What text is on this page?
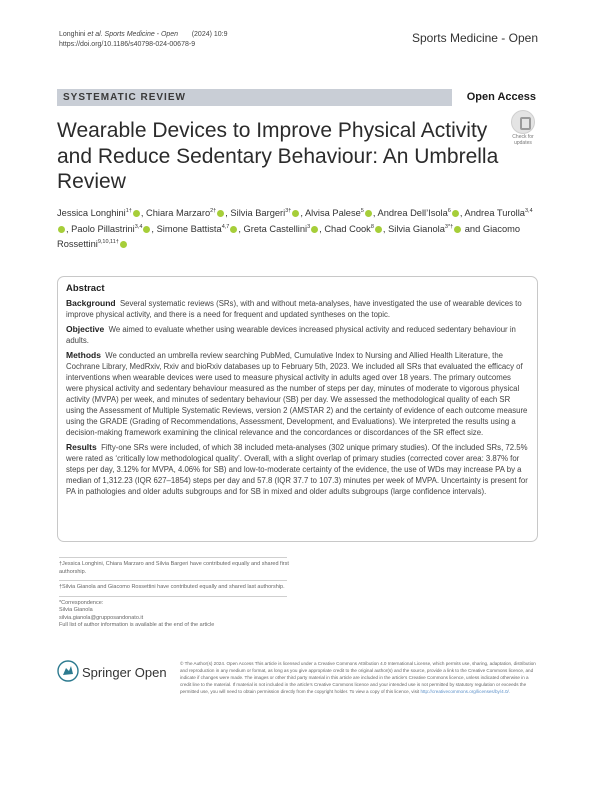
Longhini et al. Sports Medicine - Open (2024) 10:9
https://doi.org/10.1186/s40798-024-00678-9	Sports Medicine - Open
SYSTEMATIC REVIEW	Open Access
Check for
updates
Wearable Devices to Improve Physical Activity and Reduce Sedentary Behaviour: An Umbrella Review
Jessica Longhini$^{1\dagger}$ , Chiara Marzaro$^{2\dagger}$ , Silvia Bargeri$^{3\dagger}$ , Alvisa Palese$^5$ , Andrea Dell’Isola$^6$ , Andrea Turolla$^{3,4}$, Paolo Pillastrini$^{3,4}$ , Simone Battista$^{4,7}$ , Greta Castellini$^3$ , Chad Cook$^8$ , Silvia Gianola$^{3*\dagger}$ and Giacomo Rossettini$^{9,10,11\dagger}$
Abstract

Background Several systematic reviews (SRs), with and without meta-analyses, have investigated the use of wearable devices to improve physical activity, and there is a need for frequent and updated syntheses on the topic.

Objective We aimed to evaluate whether using wearable devices increased physical activity and reduced sedentary behaviour in adults.

Methods We conducted an umbrella review searching PubMed, Cumulative Index to Nursing and Allied Health Literature, the Cochrane Library, MedRxiv, Rxiv and bioRxiv databases up to February 5th, 2023. We included all SRs that evaluated the efficacy of interventions when wearable devices were used to measure physical activity in adults aged over 18 years. The primary outcomes were physical activity and sedentary behaviour measured as the number of steps per day, minutes of moderate to vigorous physical activity (MVPA) per week, and minutes of sedentary behaviour (SB) per day. We assessed the methodological quality of each SR using the Assessment of Multiple Systematic Reviews, version 2 (AMSTAR 2) and the certainty of evidence of each outcome measure using the GRADE (Grading of Recommendations, Assessment, Development, and Evaluations). We interpreted the results using a decision-making framework examining the clinical relevance and the concordances or discordances of the SR effect size.

Results Fifty-one SRs were included, of which 38 included meta-analyses (302 unique primary studies). Of the included SRs, 72.5% were rated as ‘critically low methodological quality’. Overall, with a slight overlap of primary studies (corrected cover area: 3.87% for steps per day, 3.12% for MVPA, 4.06% for SB) and low-to-moderate certainty of the evidence, the use of WDs may increase PA by a median of 1,312.23 (IQR 627–1854) steps per day and 57.8 (IQR 37.7 to 107.3) minutes per week of MVPA. Uncertainty is present for PA in pathologies and older adults subgroups and for SB in mixed and older adults subgroups (large confidence intervals).

†Jessica Longhini, Chiara Marzaro and Silvia Bargeri have contributed equally and shared first authorship.

†Silvia Gianola and Giacomo Rossettini have contributed equally and shared last authorship.

*Correspondence:
Silvia Gianola
silvia.gianola@grupposandonato.it
Full list of author information is available at the end of the article
Springer Open
© The Author(s) 2024. Open Access This article is licensed under a Creative Commons Attribution 4.0 International License, which permits use, sharing, adaptation, distribution and reproduction in any medium or format, as long as you give appropriate credit to the original author(s) and the source, provide a link to the Creative Commons licence, and indicate if changes were made. The images or other third party material in this article are included in the article’s Creative Commons licence, unless indicated otherwise in a credit line to the material. If material is not included in the article’s Creative Commons licence and your intended use is not permitted by statutory regulation or exceeds the permitted use, you will need to obtain permission directly from the copyright holder. To view a copy of this licence, visit http://creativecommons.org/licenses/by/4.0/.
